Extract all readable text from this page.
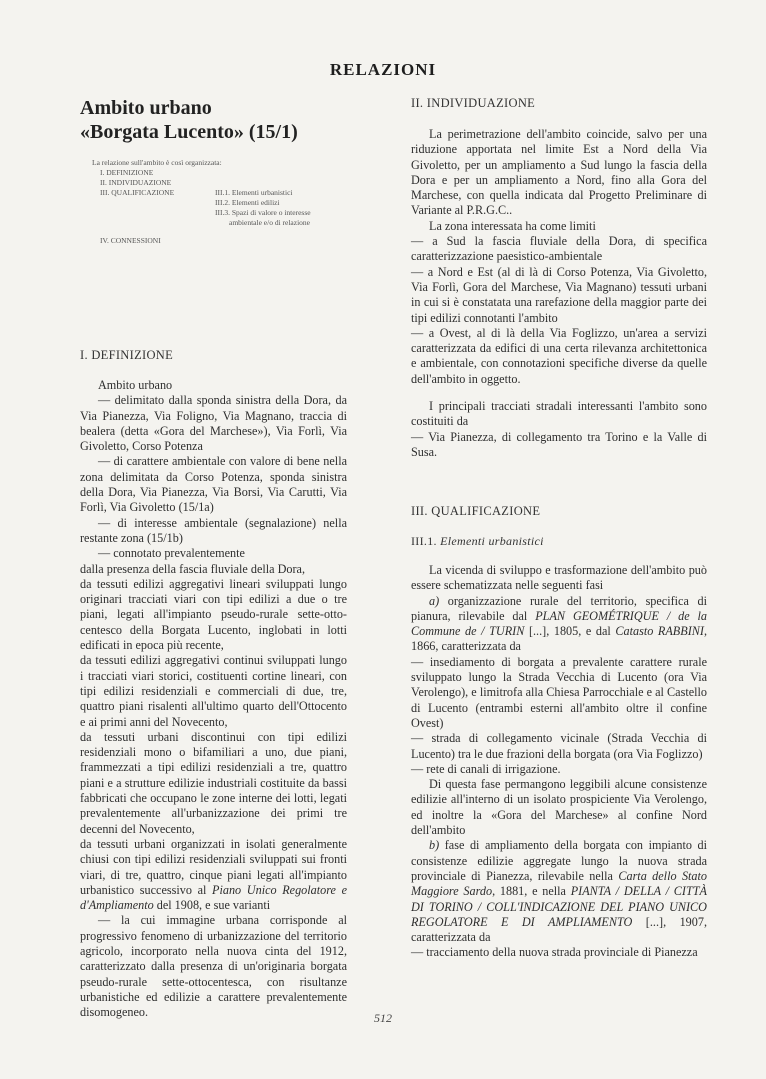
RELAZIONI
Ambito urbano
«Borgata Lucento» (15/1)
La relazione sull'ambito è così organizzata:
I. DEFINIZIONE
II. INDIVIDUAZIONE
III. QUALIFICAZIONE	III.1. Elementi urbanistici
III.2. Elementi edilizi
III.3. Spazi di valore o interesse
ambientale e/o di relazione
IV. CONNESSIONI
I. DEFINIZIONE

Ambito urbano

— delimitato dalla sponda sinistra della Dora, da Via Pianezza, Via Foligno, Via Magnano, traccia di bealera (detta «Gora del Marchese»), Via Forlì, Via Givoletto, Corso Potenza

— di carattere ambientale con valore di bene nella zona delimitata da Corso Potenza, sponda sinistra della Dora, Via Pianezza, Via Borsi, Via Carutti, Via Forlì, Via Givoletto (15/1a)

— di interesse ambientale (segnalazione) nella restante zona (15/1b)

— connotato prevalentemente

dalla presenza della fascia fluviale della Dora,

da tessuti edilizi aggregativi lineari sviluppati lungo originari tracciati viari con tipi edilizi a due o tre piani, legati all'impianto pseudo-rurale sette-otto-centesco della Borgata Lucento, inglobati in lotti edificati in epoca più recente,

da tessuti edilizi aggregativi continui sviluppati lungo i tracciati viari storici, costituenti cortine lineari, con tipi edilizi residenziali e commerciali di due, tre, quattro piani risalenti all'ultimo quarto dell'Ottocento e ai primi anni del Novecento,

da tessuti urbani discontinui con tipi edilizi residenziali mono o bifamiliari a uno, due piani, frammezzati a tipi edilizi residenziali a tre, quattro piani e a strutture edilizie industriali costituite da bassi fabbricati che occupano le zone interne dei lotti, legati prevalentemente all'urbanizzazione dei primi tre decenni del Novecento,

da tessuti urbani organizzati in isolati generalmente chiusi con tipi edilizi residenziali sviluppati sui fronti viari, di tre, quattro, cinque piani legati all'impianto urbanistico successivo al Piano Unico Regolatore e d'Ampliamento del 1908, e sue varianti

— la cui immagine urbana corrisponde al progressivo fenomeno di urbanizzazione del territorio agricolo, incorporato nella nuova cinta del 1912, caratterizzato dalla presenza di un'originaria borgata pseudo-rurale sette-ottocentesca, con risultanze urbanistiche ed edilizie a carattere prevalentemente disomogeneo.

II. INDIVIDUAZIONE

La perimetrazione dell'ambito coincide, salvo per una riduzione apportata nel limite Est a Nord della Via Givoletto, per un ampliamento a Sud lungo la fascia della Dora e per un ampliamento a Nord, fino alla Gora del Marchese, con quella indicata dal Progetto Preliminare di Variante al P.R.G.C..

La zona interessata ha come limiti

— a Sud la fascia fluviale della Dora, di specifica caratterizzazione paesistico-ambientale

— a Nord e Est (al di là di Corso Potenza, Via Givoletto, Via Forlì, Gora del Marchese, Via Magnano) tessuti urbani in cui si è constatata una rarefazione della maggior parte dei tipi edilizi connotanti l'ambito

— a Ovest, al di là della Via Foglizzo, un'area a servizi caratterizzata da edifici di una certa rilevanza architettonica e ambientale, con connotazioni specifiche diverse da quelle dell'ambito in oggetto.

I principali tracciati stradali interessanti l'ambito sono costituiti da

— Via Pianezza, di collegamento tra Torino e la Valle di Susa.

III. QUALIFICAZIONE
III.1. Elementi urbanistici

La vicenda di sviluppo e trasformazione dell'ambito può essere schematizzata nelle seguenti fasi

a) organizzazione rurale del territorio, specifica di pianura, rilevabile dal PLAN GEOMÉTRIQUE / de la Commune de / TURIN [...], 1805, e dal Catasto RABBINI, 1866, caratterizzata da

— insediamento di borgata a prevalente carattere rurale sviluppato lungo la Strada Vecchia di Lucento (ora Via Verolengo), e limitrofa alla Chiesa Parrocchiale e al Castello di Lucento (entrambi esterni all'ambito oltre il confine Ovest)

— strada di collegamento vicinale (Strada Vecchia di Lucento) tra le due frazioni della borgata (ora Via Foglizzo)

— rete di canali di irrigazione.

Di questa fase permangono leggibili alcune consistenze edilizie all'interno di un isolato prospiciente Via Verolengo, ed inoltre la «Gora del Marchese» al confine Nord dell'ambito

b) fase di ampliamento della borgata con impianto di consistenze edilizie aggregate lungo la nuova strada provinciale di Pianezza, rilevabile nella Carta dello Stato Maggiore Sardo, 1881, e nella PIANTA / DELLA / CITTÀ DI TORINO / COLL'INDICAZIONE DEL PIANO UNICO REGOLATORE E DI AMPLIAMENTO [...], 1907, caratterizzata da

— tracciamento della nuova strada provinciale di Pianezza

512
